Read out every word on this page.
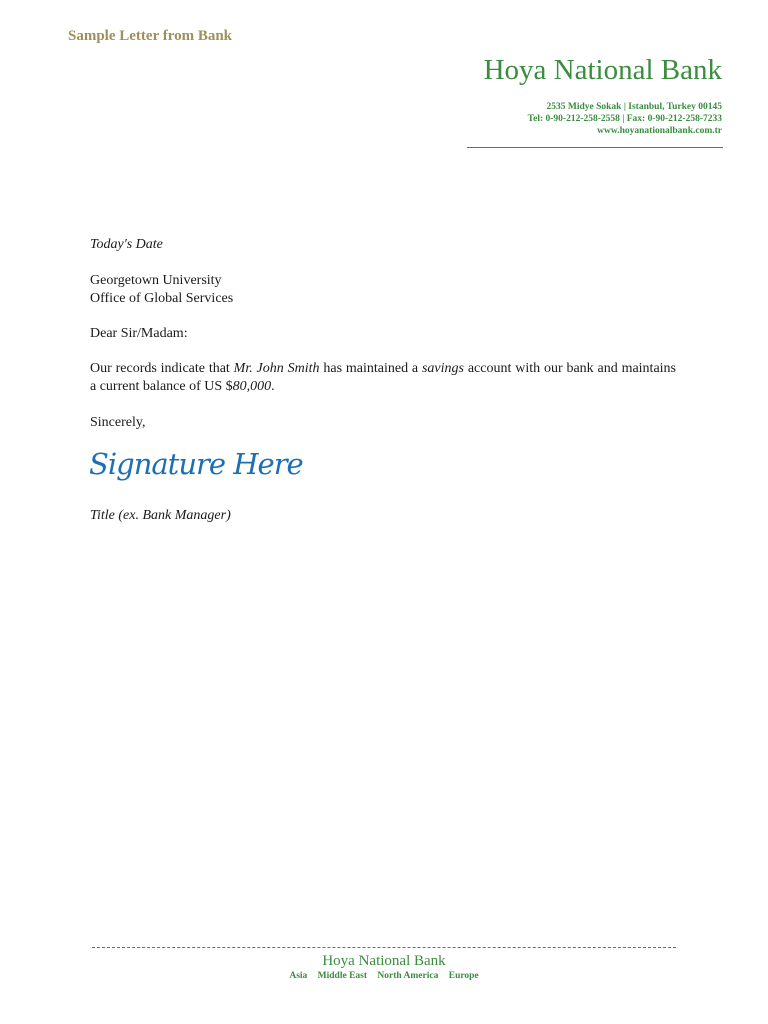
Sample Letter from Bank
Hoya National Bank
2535 Midye Sokak | Istanbul, Turkey 00145
Tel: 0-90-212-258-2558 | Fax: 0-90-212-258-7233
www.hoyanationalbank.com.tr
Today's Date
Georgetown University
Office of Global Services
Dear Sir/Madam:
Our records indicate that Mr. John Smith has maintained a savings account with our bank and maintains a current balance of US $80,000.
Sincerely,
Signature Here
Title (ex. Bank Manager)
Hoya National Bank
Asia Middle East North America Europe
